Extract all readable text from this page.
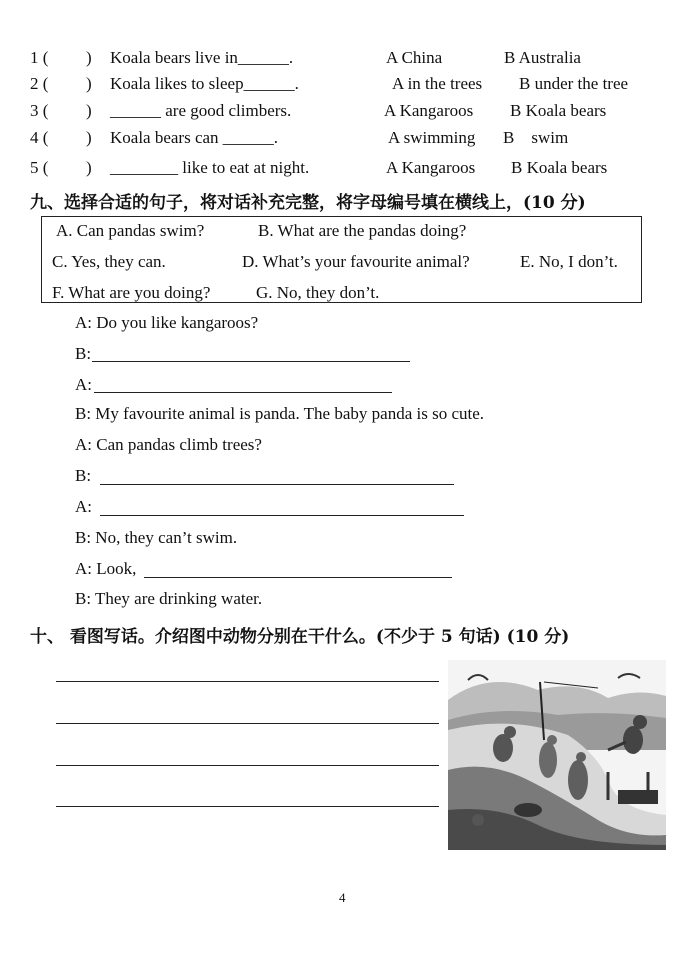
1 ( ) Koala bears live in______.	A China	B Australia
2 ( ) Koala likes to sleep______.	A in the trees B under the tree
3 ( ) ______ are good climbers.	A Kangaroos B Koala bears
4 ( ) Koala bears can ______.	A swimming B    swim
5 ( ) ________ like to eat at night.	A Kangaroos B Koala bears
九、选择合适的句子，将对话补充完整，将字母编号填在横线上，(10 分)
A. Can pandas swim?	B. What are the pandas doing?
C. Yes, they can.	D. What’s your favourite animal?	E. No, I don’t.
F. What are you doing?	G. No, they don’t.
A: Do you like kangaroos?
B:
A:
B: My favourite animal is panda. The baby panda is so cute.
A: Can pandas climb trees?
B:
A:
B: No, they can’t swim.
A: Look,
B: They are drinking water.
十、 看图写话。介绍图中动物分别在干什么。(不少于 5 句话) (10 分)
4
